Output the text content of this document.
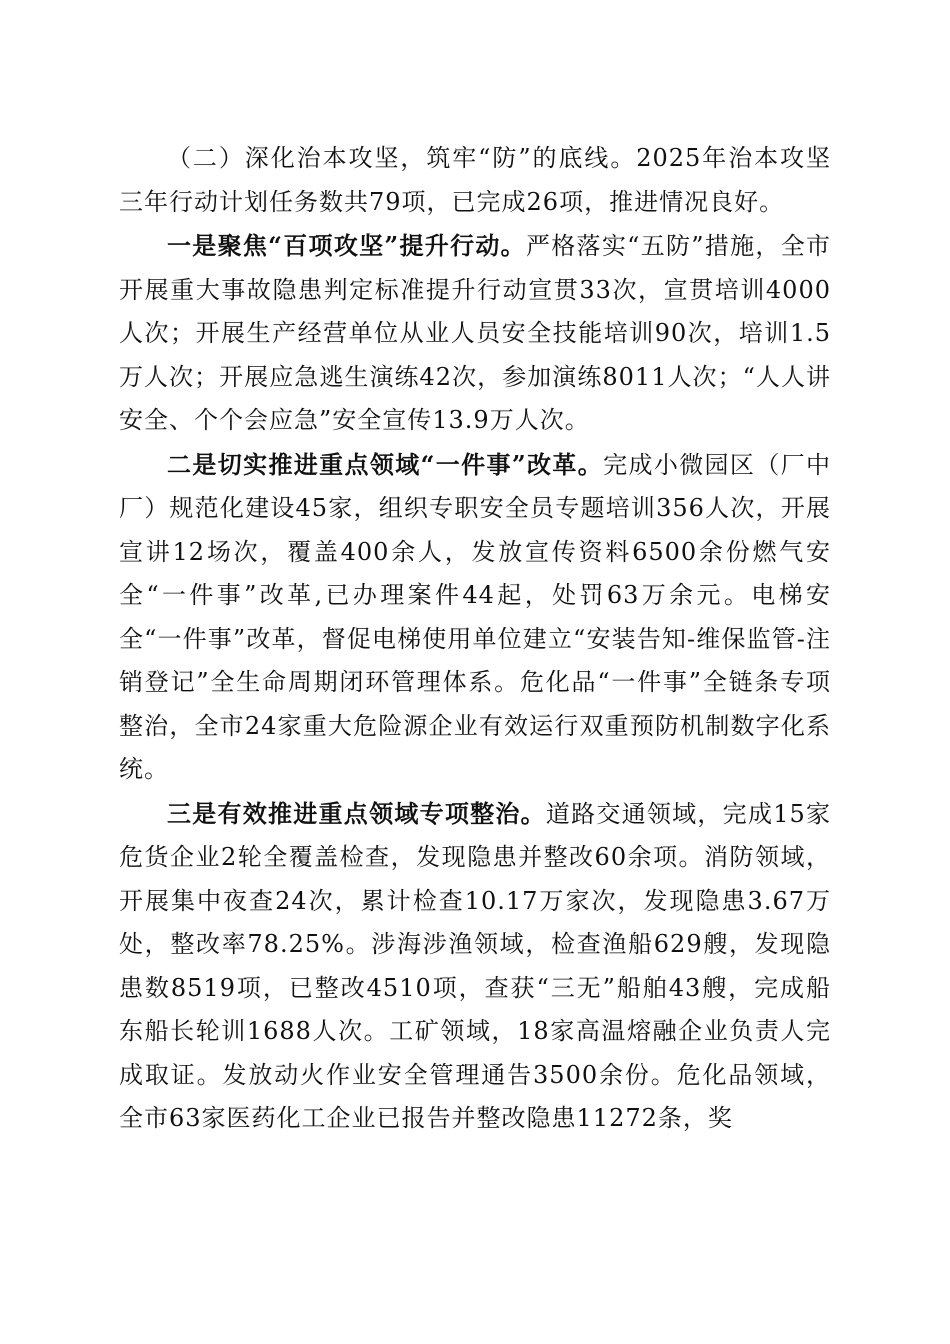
（二）深化治本攻坚，筑牢“防”的底线。2025年治本攻坚三年行动计划任务数共79项，已完成26项，推进情况良好。

一是聚焦“百项攻坚”提升行动。严格落实“五防”措施，全市开展重大事故隐患判定标准提升行动宣贯33次，宣贯培训4000人次；开展生产经营单位从业人员安全技能培训90次，培训1.5万人次；开展应急逃生演练42次，参加演练8011人次；“人人讲安全、个个会应急”安全宣传13.9万人次。

二是切实推进重点领域“一件事”改革。完成小微园区（厂中厂）规范化建设45家，组织专职安全员专题培训356人次，开展宣讲12场次，覆盖400余人，发放宣传资料6500余份燃气安全“一件事”改革,已办理案件44起，处罚63万余元。电梯安全“一件事”改革，督促电梯使用单位建立“安装告知-维保监管-注销登记”全生命周期闭环管理体系。危化品“一件事”全链条专项整治，全市24家重大危险源企业有效运行双重预防机制数字化系统。

三是有效推进重点领域专项整治。道路交通领域，完成15家危货企业2轮全覆盖检查，发现隐患并整改60余项。消防领域，开展集中夜查24次，累计检查10.17万家次，发现隐患3.67万处，整改率78.25%。涉海涉渔领域，检查渔船629艘，发现隐患数8519项，已整改4510项，查获“三无”船舶43艘，完成船东船长轮训1688人次。工矿领域，18家高温熔融企业负责人完成取证。发放动火作业安全管理通告3500余份。危化品领域，全市63家医药化工企业已报告并整改隐患11272条，奖
